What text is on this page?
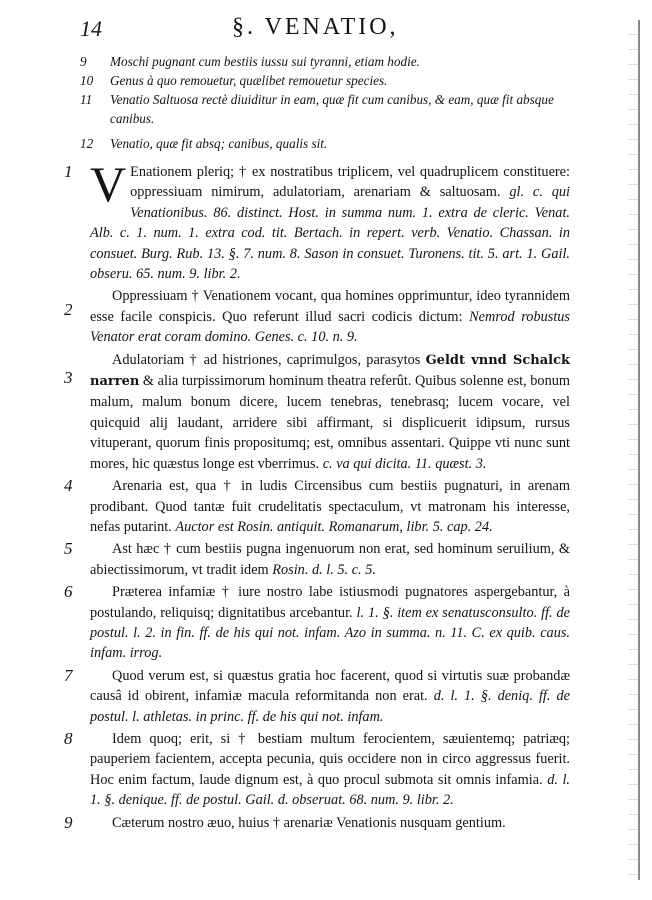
14	§. VENATIO,
9	Moschi pugnant cum bestiis iussu sui tyranni, etiam hodie.
10	Genus à quo remouetur, quælibet remouetur species.
11	Venatio Saltuosa rectè diuiditur in eam, quæ fit cum canibus, & eam, quæ fit absque canibus.
12	Venatio, quæ fit absq; canibus, qualis sit.

1 V Enationem pleriq; † ex nostratibus triplicem, vel quadruplicem constituere: oppressiuam nimirum, adulatoriam, arenariam & saltuosam. gl. c. qui Venationibus. 86. distinct. Host. in summa num. 1. extra de cleric. Venat. Alb. c. 1. num. 1. extra cod. tit. Bertach. in repert. verb. Venatio. Chassan. in consuet. Burg. Rub. 13. §. 7. num. 8. Sason in consuet. Turonens. tit. 5. art. 1. Gail. obseru. 65. num. 9. libr. 2.

2
Oppressiuam † Venationem vocant, qua homines opprimuntur, ideo tyrannidem esse facile conspicis. Quo referunt illud sacri codicis dictum: Nemrod robustus Venator erat coram domino. Genes. c. 10. n. 9.

3
Adulatoriam † ad histriones, caprimulgos, parasytos Geldt vnnd Schalck narren & alia turpissimorum hominum theatra referût. Quibus solenne est, bonum malum, malum bonum dicere, lucem tenebras, tenebrasq; lucem vocare, vel quicquid alij laudant, arridere sibi affirmant, si displicuerit idipsum, rursus vituperant, quorum finis propositumq; est, omnibus assentari. Quippe vti nunc sunt mores, hic quæstus longe est vberrimus. c. va qui dicita. 11. quæst. 3.

4	Arenaria est, qua † in ludis Circensibus cum bestiis pugnaturi, in arenam prodibant. Quod tantæ fuit crudelitatis spectaculum, vt matronam his interesse, nefas putarint. Auctor est Rosin. antiquit. Romanarum, libr. 5. cap. 24.

5	Ast hæc † cum bestiis pugna ingenuorum non erat, sed hominum seruilium, & abiectissimorum, vt tradit idem Rosin. d. l. 5. c. 5.

6	Præterea infamiæ † iure nostro labe istiusmodi pugnatores aspergebantur, à postulando, reliquisq; dignitatibus arcebantur. l. 1. §. item ex senatusconsulto. ff. de postul. l. 2. in fin. ff. de his qui not. infam. Azo in summa. n. 11. C. ex quib. caus. infam. irrog.

7	Quod verum est, si quæstus gratia hoc facerent, quod si virtutis suæ probandæ causâ id obirent, infamiæ macula reformitanda non erat. d. l. 1. §. deniq. ff. de postul. l. athletas. in princ. ff. de his qui not. infam.

8	Idem quoq; erit, si † bestiam multum ferocientem, sæuientemq; patriæq; pauperiem facientem, accepta pecunia, quis occidere non in circo aggressus fuerit. Hoc enim factum, laude dignum est, à quo procul submota sit omnis infamia. d. l. 1. §. denique. ff. de postul. Gail. d. obseruat. 68. num. 9. libr. 2.

9	Cæterum nostro æuo, huius † arenariæ Venationis nusquam gentium.
